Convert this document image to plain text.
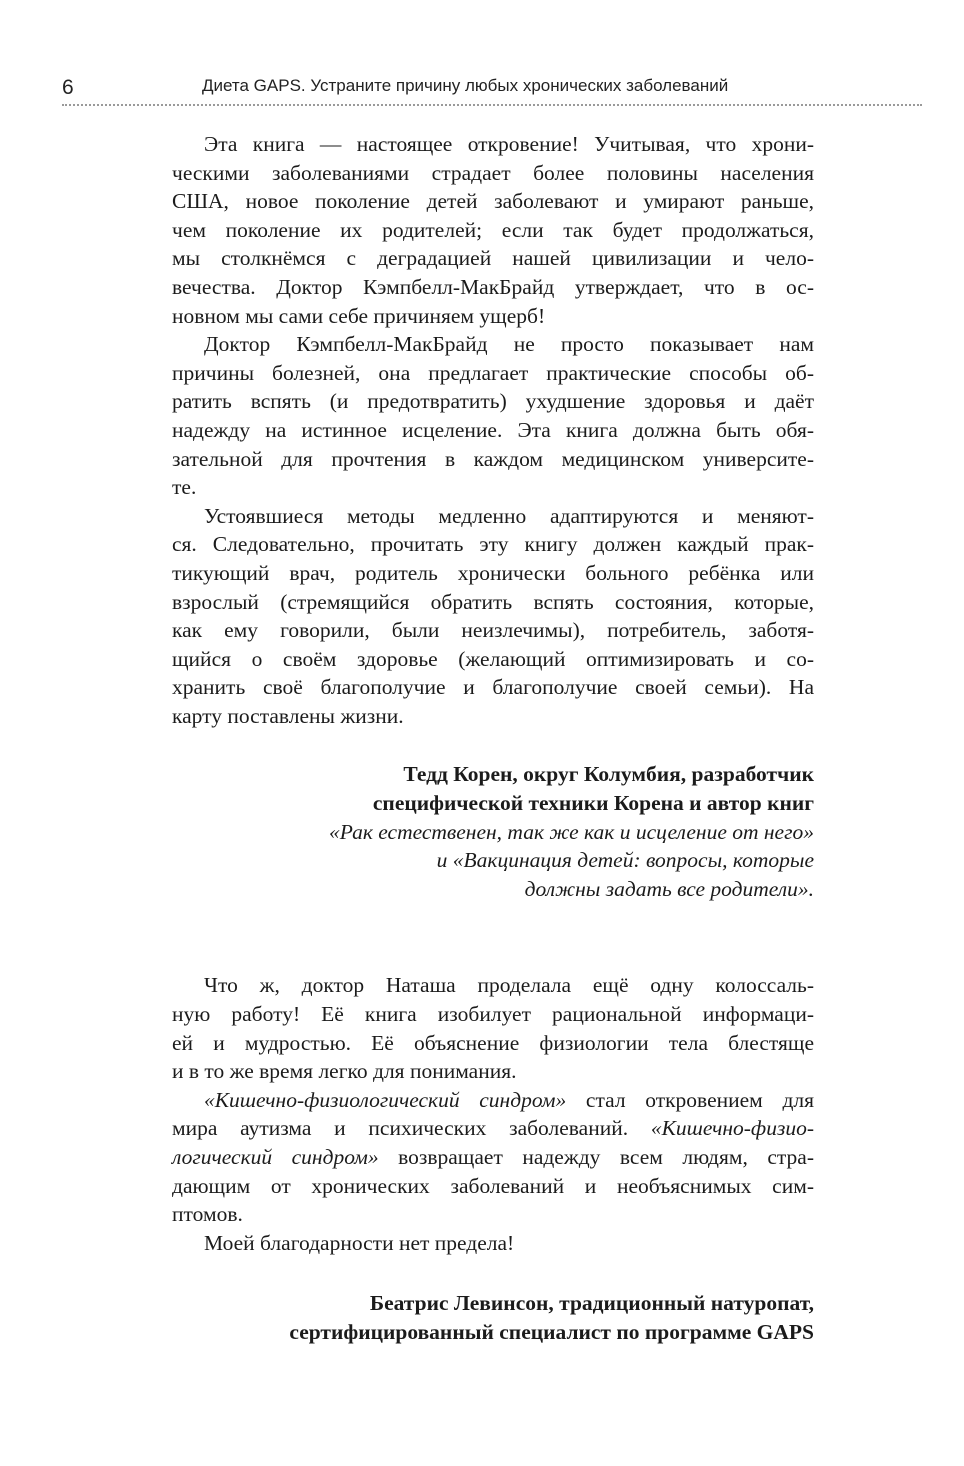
6	Диета GAPS. Устраните причину любых хронических заболеваний
Эта книга — настоящее откровение! Учитывая, что хрони-
ческими заболеваниями страдает более половины населения
США, новое поколение детей заболевают и умирают раньше,
чем поколение их родителей; если так будет продолжаться,
мы столкнёмся с деградацией нашей цивилизации и чело-
вечества. Доктор Кэмпбелл-МакБрайд утверждает, что в ос-
новном мы сами себе причиняем ущерб!
Доктор Кэмпбелл-МакБрайд не просто показывает нам
причины болезней, она предлагает практические способы об-
ратить вспять (и предотвратить) ухудшение здоровья и даёт
надежду на истинное исцеление. Эта книга должна быть обя-
зательной для прочтения в каждом медицинском университе-
те.
Устоявшиеся методы медленно адаптируются и меняют-
ся. Следовательно, прочитать эту книгу должен каждый прак-
тикующий врач, родитель хронически больного ребёнка или
взрослый (стремящийся обратить вспять состояния, которые,
как ему говорили, были неизлечимы), потребитель, заботя-
щийся о своём здоровье (желающий оптимизировать и со-
хранить своё благополучие и благополучие своей семьи). На
карту поставлены жизни.
Тедд Корен, округ Колумбия, разработчик
специфической техники Корена и автор книг
«Рак естественен, так же как и исцеление от него»
и «Вакцинация детей: вопросы, которые
должны задать все родители».
Что ж, доктор Наташа проделала ещё одну колоссаль-
ную работу! Её книга изобилует рациональной информаци-
ей и мудростью. Её объяснение физиологии тела блестяще
и в то же время легко для понимания.
«Кишечно-физиологический синдром» стал откровением для
мира аутизма и психических заболеваний. «Кишечно-физио-
логический синдром» возвращает надежду всем людям, стра-
дающим от хронических заболеваний и необъяснимых сим-
птомов.
Моей благодарности нет предела!
Беатрис Левинсон, традиционный натуропат,
сертифицированный специалист по программе GAPS
